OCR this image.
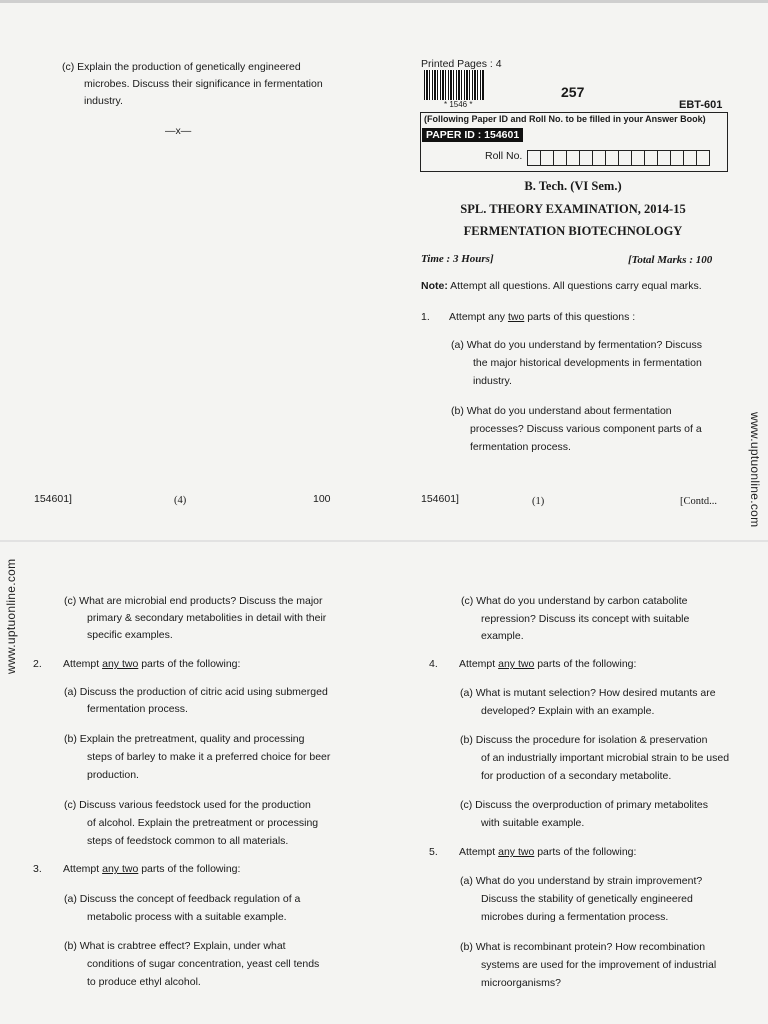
(c) Explain the production of genetically engineered
microbes. Discuss their significance in fermentation
industry.
—x—
154601]	(4)	100
Printed Pages : 4
* 1546 *
257
EBT-601
(Following Paper ID and Roll No. to be filled in your Answer Book)
PAPER ID : 154601
Roll No.
B. Tech. (VI Sem.)
SPL. THEORY EXAMINATION, 2014-15
FERMENTATION BIOTECHNOLOGY
Time : 3 Hours]	[Total Marks : 100
Note: Attempt all questions. All questions carry equal marks.
1. Attempt any two parts of this questions :
(a) What do you understand by fermentation? Discuss
the major historical developments in fermentation
industry.
(b) What do you understand about fermentation
processes? Discuss various component parts of a
fermentation process.
154601]	(1)	[Contd...
(c) What are microbial end products? Discuss the major
primary & secondary metabolities in detail with their
specific examples.
2. Attempt any two parts of the following:
(a) Discuss the production of citric acid using submerged
fermentation process.
(b) Explain the pretreatment, quality and processing
steps of barley to make it a preferred choice for beer
production.
(c) Discuss various feedstock used for the production
of alcohol. Explain the pretreatment or processing
steps of feedstock common to all materials.
3. Attempt any two parts of the following:
(a) Discuss the concept of feedback regulation of a
metabolic process with a suitable example.
(b) What is crabtree effect? Explain, under what
conditions of sugar concentration, yeast cell tends
to produce ethyl alcohol.
(c) What do you understand by carbon catabolite
repression? Discuss its concept with suitable
example.
4. Attempt any two parts of the following:
(a) What is mutant selection? How desired mutants are
developed? Explain with an example.
(b) Discuss the procedure for isolation & preservation
of an industrially important microbial strain to be used
for production of a secondary metabolite.
(c) Discuss the overproduction of primary metabolites
with suitable example.
5. Attempt any two parts of the following:
(a) What do you understand by strain improvement?
Discuss the stability of genetically engineered
microbes during a fermentation process.
(b) What is recombinant protein? How recombination
systems are used for the improvement of industrial
microorganisms?
www.uptuonline.com
www.uptuonline.com
